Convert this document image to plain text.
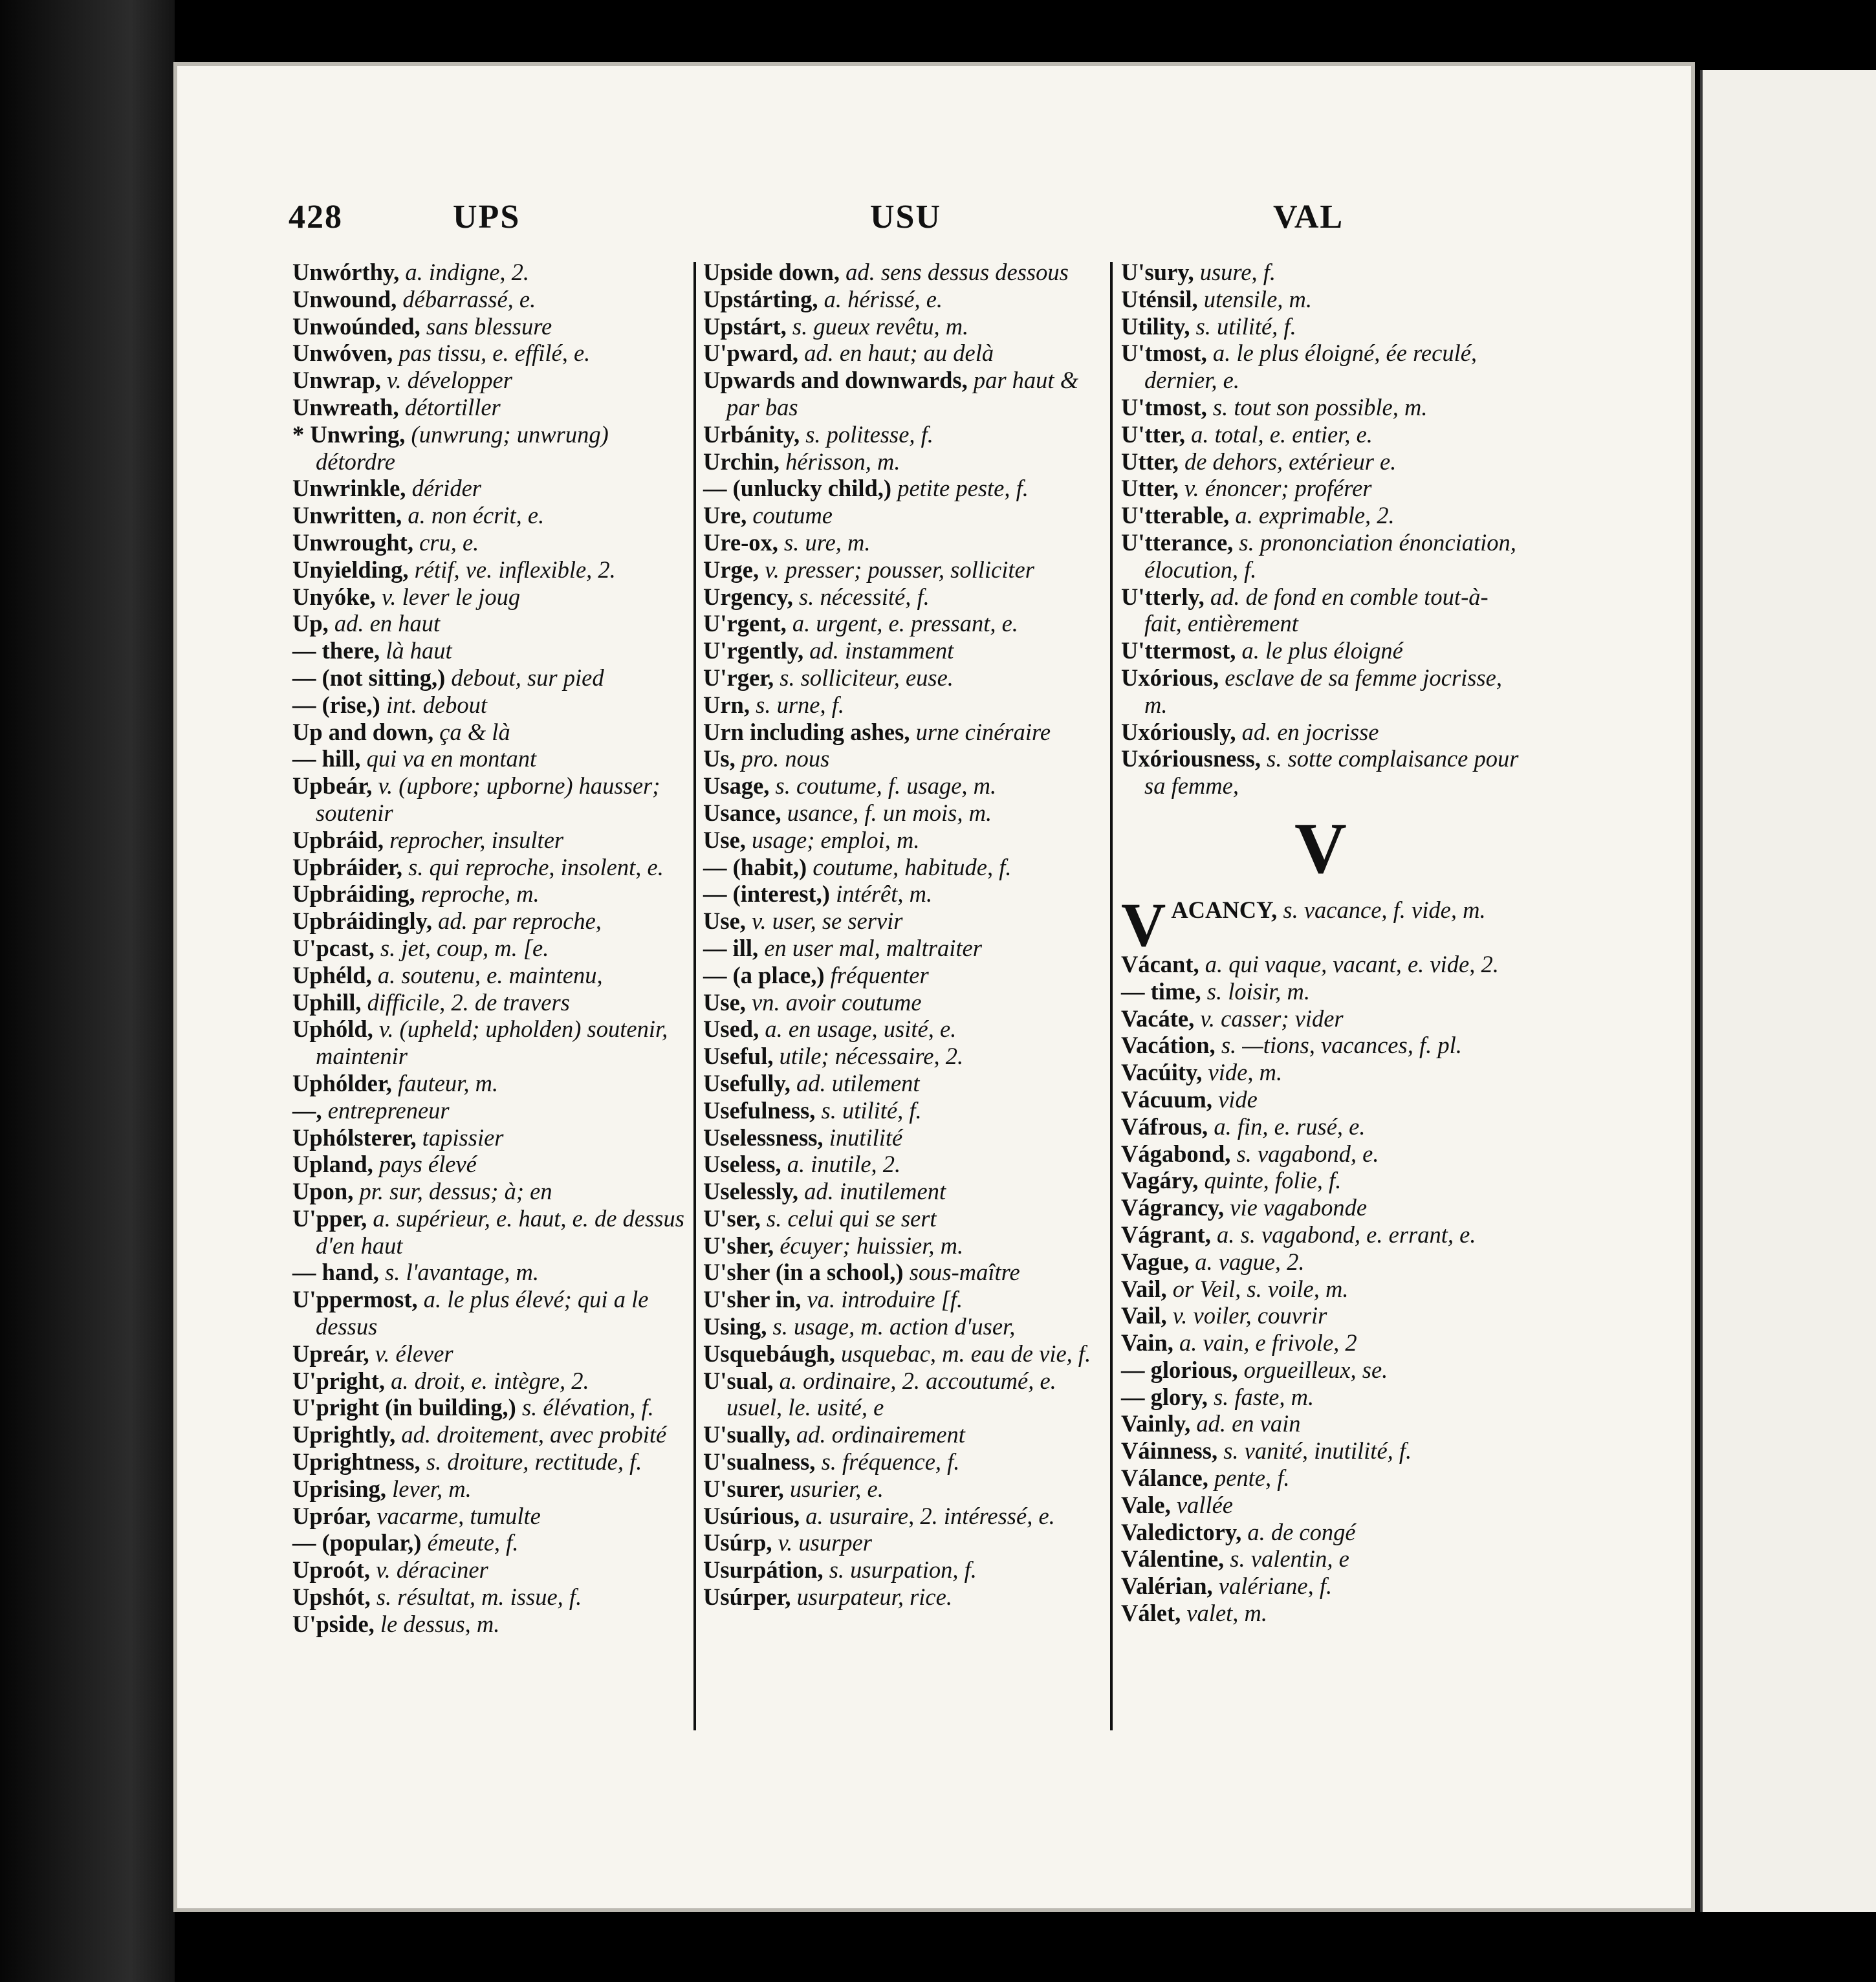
428	UPS	USU	VAL

Unwórthy, a. indigne, 2.

Unwound, débarrassé, e.

Unwoúnded, sans blessure

Unwóven, pas tissu, e. effilé, e.

Unwrap, v. développer

Unwreath, détortiller

* Unwring, (unwrung; unwrung) détordre

Unwrinkle, dérider

Unwritten, a. non écrit, e.

Unwrought, cru, e.

Unyielding, rétif, ve. inflexible, 2.

Unyóke, v. lever le joug

Up, ad. en haut

— there, là haut

— (not sitting,) debout, sur pied

— (rise,) int. debout

Up and down, ça & là

— hill, qui va en montant

Upbeár, v. (upbore; upborne) hausser; soutenir

Upbráid, reprocher, insulter

Upbráider, s. qui reproche, insolent, e.

Upbráiding, reproche, m.

Upbráidingly, ad. par reproche,

U'pcast, s. jet, coup, m. [e.

Uphéld, a. soutenu, e. maintenu,

Uphill, difficile, 2. de travers

Uphóld, v. (upheld; upholden) soutenir, maintenir

Uphólder, fauteur, m.

—, entrepreneur

Uphólsterer, tapissier

Upland, pays élevé

Upon, pr. sur, dessus; à; en

U'pper, a. supérieur, e. haut, e. de dessus d'en haut

— hand, s. l'avantage, m.

U'ppermost, a. le plus élevé; qui a le dessus

Upreár, v. élever

U'pright, a. droit, e. intègre, 2.

U'pright (in building,) s. élévation, f.

Uprightly, ad. droitement, avec probité

Uprightness, s. droiture, rectitude, f.

Uprising, lever, m.

Upróar, vacarme, tumulte

— (popular,) émeute, f.

Uproót, v. déraciner

Upshót, s. résultat, m. issue, f.

U'pside, le dessus, m.

Upside down, ad. sens dessus dessous

Upstárting, a. hérissé, e.

Upstárt, s. gueux revêtu, m.

U'pward, ad. en haut; au delà

Upwards and downwards, par haut & par bas

Urbánity, s. politesse, f.

Urchin, hérisson, m.

— (unlucky child,) petite peste, f.

Ure, coutume

Ure-ox, s. ure, m.

Urge, v. presser; pousser, solliciter

Urgency, s. nécessité, f.

U'rgent, a. urgent, e. pressant, e.

U'rgently, ad. instamment

U'rger, s. solliciteur, euse.

Urn, s. urne, f.

Urn including ashes, urne cinéraire

Us, pro. nous

Usage, s. coutume, f. usage, m.

Usance, usance, f. un mois, m.

Use, usage; emploi, m.

— (habit,) coutume, habitude, f.

— (interest,) intérêt, m.

Use, v. user, se servir

— ill, en user mal, maltraiter

— (a place,) fréquenter

Use, vn. avoir coutume

Used, a. en usage, usité, e.

Useful, utile; nécessaire, 2.

Usefully, ad. utilement

Usefulness, s. utilité, f.

Uselessness, inutilité

Useless, a. inutile, 2.

Uselessly, ad. inutilement

U'ser, s. celui qui se sert

U'sher, écuyer; huissier, m.

U'sher (in a school,) sous-maître

U'sher in, va. introduire [f.

Using, s. usage, m. action d'user,

Usquebáugh, usquebac, m. eau de vie, f.

U'sual, a. ordinaire, 2. accoutumé, e. usuel, le. usité, e

U'sually, ad. ordinairement

U'sualness, s. fréquence, f.

U'surer, usurier, e.

Usúrious, a. usuraire, 2. intéressé, e.

Usúrp, v. usurper

Usurpátion, s. usurpation, f.

Usúrper, usurpateur, rice.

U'sury, usure, f.

Uténsil, utensile, m.

Utility, s. utilité, f.

U'tmost, a. le plus éloigné, ée reculé, dernier, e.

U'tmost, s. tout son possible, m.

U'tter, a. total, e. entier, e.

Utter, de dehors, extérieur e.

Utter, v. énoncer; proférer

U'tterable, a. exprimable, 2.

U'tterance, s. prononciation énonciation, élocution, f.

U'tterly, ad. de fond en comble tout-à-fait, entièrement

U'ttermost, a. le plus éloigné

Uxórious, esclave de sa femme jocrisse, m.

Uxóriously, ad. en jocrisse

Uxóriousness, s. sotte complaisance pour sa femme,

V

VACANCY, s. vacance, f. vide, m.

Vácant, a. qui vaque, vacant, e. vide, 2.

— time, s. loisir, m.

Vacáte, v. casser; vider

Vacátion, s. —tions, vacances, f. pl.

Vacúity, vide, m.

Vácuum, vide

Váfrous, a. fin, e. rusé, e.

Vágabond, s. vagabond, e.

Vagáry, quinte, folie, f.

Vágrancy, vie vagabonde

Vágrant, a. s. vagabond, e. errant, e.

Vague, a. vague, 2.

Vail, or Veil, s. voile, m.

Vail, v. voiler, couvrir

Vain, a. vain, e frivole, 2

— glorious, orgueilleux, se.

— glory, s. faste, m.

Vainly, ad. en vain

Váinness, s. vanité, inutilité, f.

Válance, pente, f.

Vale, vallée

Valedictory, a. de congé

Válentine, s. valentin, e

Valérian, valériane, f.

Válet, valet, m.
